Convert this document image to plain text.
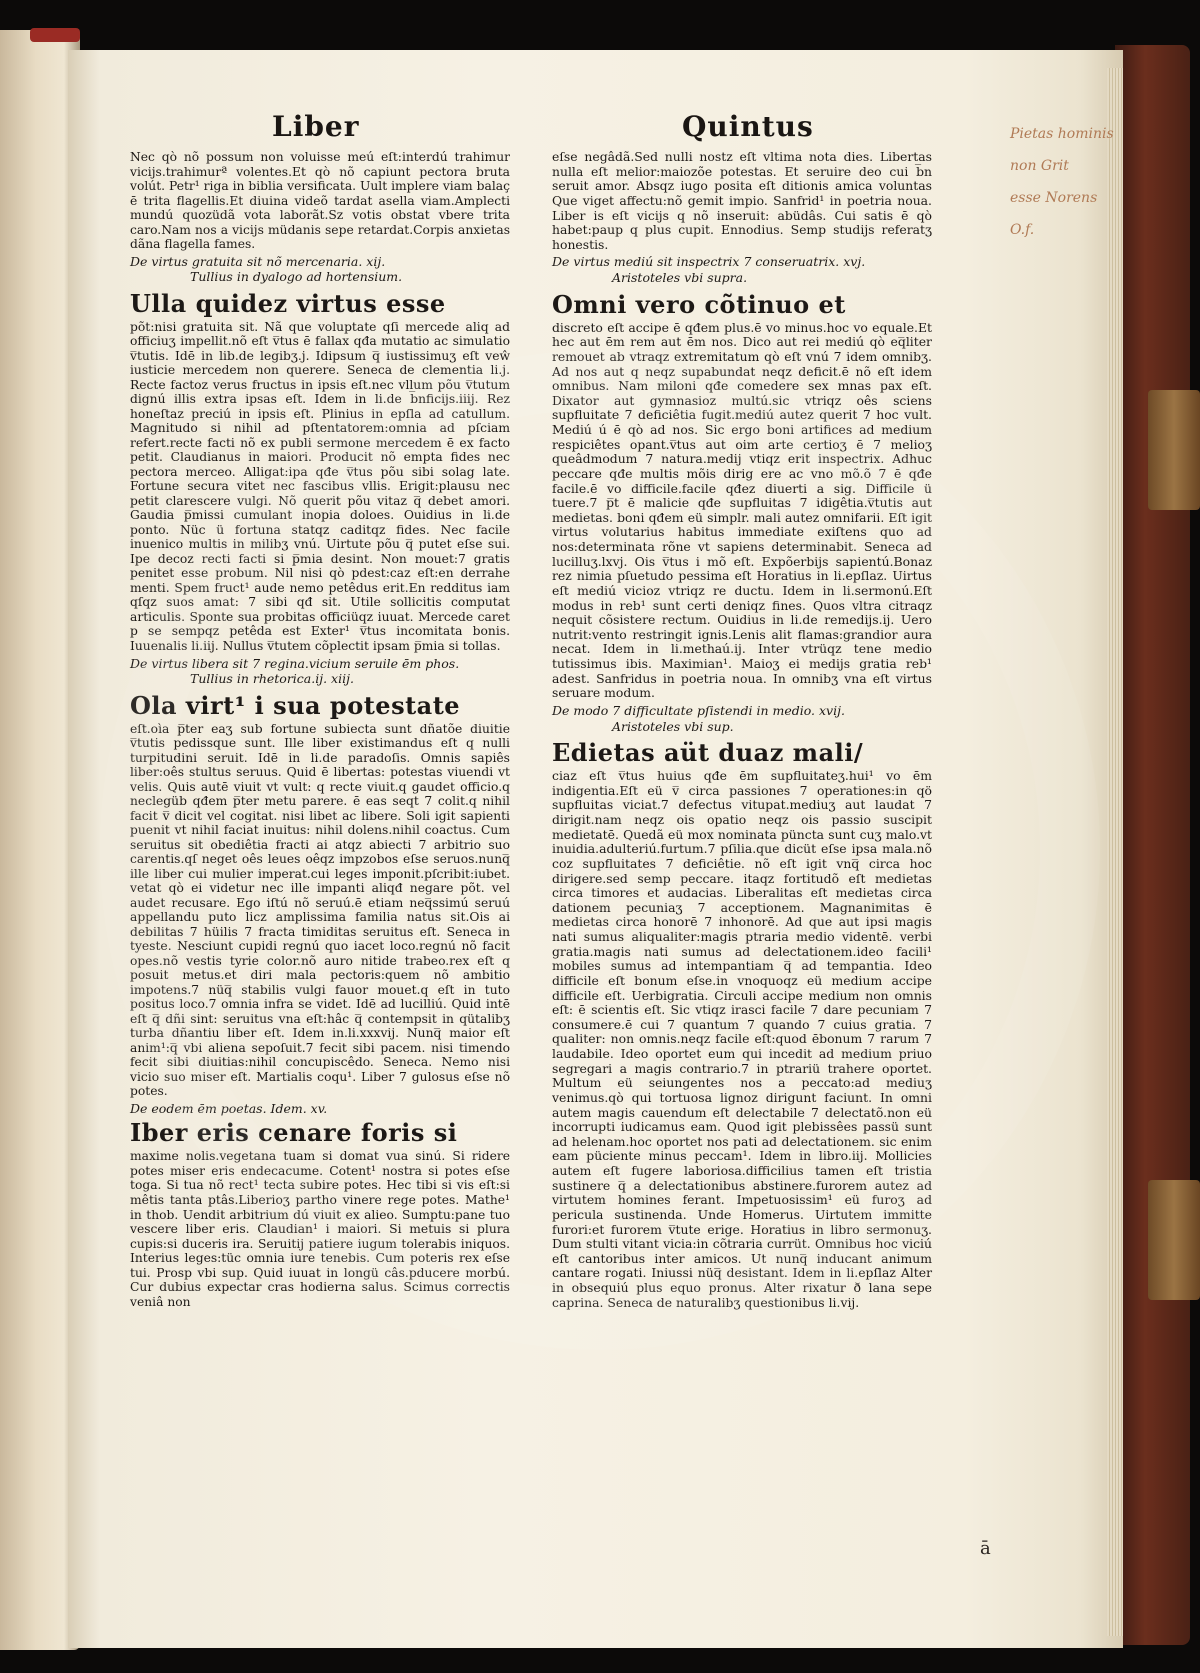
Liber	Quintus

Nec qò nõ possum non voluisse meú eſt:interdú trahimur vicijs.trahimurª volentes.Et qò nõ capiunt pectora bruta volút. Petr¹ riga in biblia versificata. Uult implere viam balaç ē trita flagellis.Et diuina videõ tardat asella viam.Amplecti mundú quozüdã vota laborãt.Sz votis obstat vbere trita caro.Nam nos a vicijs müdanis sepe retardat.Corpis anxietas dãna flagella fames.

De virtus gratuita sit nõ mercenaria. xij.
Tullius in dyalogo ad hortensium.
Ulla quidez virtus esse

põt:nisi gratuita sit. Nã que voluptate qſi mercede aliq ad officiuʒ impellit.nõ eſt v̅tus ē fallax qđa mutatio ac simulatio v̅tutis. Idē in lib.de legibʒ.j. Idipsum q̅ iustissimuʒ eſt veŵ iusticie mercedem non querere. Seneca de clementia li.j. Recte factoz verus fructus in ipsis eſt.nec vllum põu v̅tutum dignú illis extra ipsas eſt. Idem in li.de b̅nficijs.iiij. Rez honeſtaz preciú in ipsis eſt. Plinius in epſla ad catullum. Magnitudo si nihil ad pſtentatorem:omnia ad pſciam refert.recte facti nõ ex publi sermone mercedem ē ex facto petit. Claudianus in maiori. Producit nõ empta fides nec pectora merceo. Alligat:ipa qđe v̅tus põu sibi solag late. Fortune secura vitet nec fascibus vllis. Erigit:plausu nec petit clarescere vulgi. Nõ querit põu vitaz q̅ debet amori. Gaudia p̅missi cumulant inopia doloes. Ouidius in li.de ponto. Nüc ü fortuna statqz caditqz fides. Nec facile inuenico multis in milibʒ vnú. Uirtute põu q̅ putet eſse sui. Ipe decoz recti facti si p̅mia desint. Non mouet:7 gratis penitet esse probum. Nil nisi qò pdest:caz eſt:en derrahe menti. Spem fruct¹ aude nemo petêdus erit.En redditus iam qſqz suos amat: 7 sibi qđ sit. Utile sollicitis computat articulis. Sponte sua probitas officiüqz iuuat. Mercede caret p se sempqz petêda est Exter¹ v̅tus incomitata bonis. Iuuenalis li.iij. Nullus v̅tutem cõplectit ipsam p̅mia si tollas.

De virtus libera sit 7 regina.vicium seruile ēm phos.
Tullius in rhetorica.ij. xiij.
Ola virt¹ i sua potestate

eſt.oìa p̅ter eaʒ sub fortune subiecta sunt dñatõe diuitie v̅tutis pedissque sunt. Ille liber existimandus eſt q nulli turpitudini seruit. Idē in li.de paradoſis. Omnis sapiês liber:oês stultus seruus. Quid ē libertas: potestas viuendi vt velis. Quis autē viuit vt vult: q recte viuit.q gaudet officio.q neclegüb qđem p̅ter metu parere. ē eas seqt 7 colit.q nihil facit v̅ dicit vel cogitat. nisi libet ac libere. Soli igit sapienti puenit vt nihil faciat inuitus: nihil dolens.nihil coactus. Cum seruitus sit obediêtia fracti ai atqz abiecti 7 arbitrio suo carentis.qſ neget oês leues oêqz impzobos eſse seruos.nunq̅ ille liber cui mulier imperat.cui leges imponit.pſcribit:iubet. vetat qò ei videtur nec ille impanti aliqđ negare põt. vel audet recusare. Ego iſtú nõ seruú.ē etiam neq̅ssimú seruú appellandu puto licz amplissima familia natus sit.Ois ai debilitas 7 hüilis 7 fracta timiditas seruitus eſt. Seneca in tyeste. Nesciunt cupidi regnú quo iacet loco.regnú nõ facit opes.nõ vestis tyrie color.nõ auro nitide trabeo.rex eſt q posuit metus.et diri mala pectoris:quem nõ ambitio impotens.7 nüq̅ stabilis vulgi fauor mouet.q eſt in tuto positus loco.7 omnia infra se videt. Idē ad lucilliú. Quid intē eſt q̅ dñi sint: seruitus vna eſt:hâc q̅ contempsit in qütalibʒ turba dñantiu liber eſt. Idem in.li.xxxvij. Nunq̅ maior eſt anim¹:q̅ vbi aliena sepoſuit.7 fecit sibi pacem. nisi timendo fecit sibi diuitias:nihil concupiscêdo. Seneca. Nemo nisi vicio suo miser eſt. Martialis coqu¹. Liber 7 gulosus eſse nõ potes.

De eodem ēm poetas. Idem. xv.
Iber eris cenare foris si

maxime nolis.vegetana tuam si domat vua sinú. Si ridere potes miser eris endecacume. Cotent¹ nostra si potes eſse toga. Si tua nõ rect¹ tecta subire potes. Hec tibi si vis eſt:si mêtis tanta ptâs.Liberioʒ partho vinere rege potes. Mathe¹ in thob. Uendit arbitrium dú viuit ex alieo. Sumptu:pane tuo vescere liber eris. Claudian¹ i maiori. Si metuis si plura cupis:si duceris ira. Seruitij patiere iugum tolerabis iniquos. Interius leges:tüc omnia iure tenebis. Cum poteris rex eſse tui. Prosp vbi sup. Quid iuuat in longü câs.pducere morbú. Cur dubius expectar cras hodierna salus. Scimus correctis veniâ non

eſse negâdã.Sed nulli nostz eſt vltima nota dies. Libertas nulla eſt melior:maiozõe potestas. Et seruire deo cui b̅n seruit amor. Absqz iugo posita eſt ditionis amica voluntas Que viget affectu:nõ gemit impio. Sanfrid¹ in poetria noua. Liber is eſt vicijs q nõ inseruit: abüdâs. Cui satis ē qò habet:paup q plus cupit. Ennodius. Semp studijs referatʒ honestis.

De virtus mediú sit inspectrix 7 conseruatrix. xvj.
Aristoteles vbi supra.
Omni vero cõtinuo et

discreto eſt accipe ē qđem plus.ē vo minus.hoc vo equale.Et hec aut ēm rem aut ēm nos. Dico aut rei mediú qò eq̅liter remouet ab vtraqz extremitatum qò eſt vnú 7 idem omnibʒ. Ad nos aut q neqz supabundat neqz deficit.ē nõ eſt idem omnibus. Nam miloni qđe comedere sex mnas pax eſt. Dixator aut gymnasioz multú.sic vtriqz oês sciens supfluitate 7 deficiêtia fugit.mediú autez querit 7 hoc vult. Mediú ú ē qò ad nos. Sic ergo boni artifices ad medium respiciêtes opant.v̅tus aut oim arte certioʒ ē 7 melioʒ queâdmodum 7 natura.medij vtiqz erit inspectrix. Adhuc peccare qđe multis mõis dirig ere ac vno mõ.õ 7 ē qđe facile.ē vo difficile.facile qđez diuerti a sig. Difficile ü tuere.7 p̅t ē malicie qđe supfluitas 7 idigêtia.v̅tutis aut medietas. boni qđem eü simplr. mali autez omnifarii. Eſt igit virtus volutarius habitus immediate exiſtens quo ad nos:determinata rõne vt sapiens determinabit. Seneca ad lucilluʒ.lxvj. Ois v̅tus i mõ eſt. Expõerbijs sapientú.Bonaz rez nimia pſuetudo pessima eſt Horatius in li.epſlaz. Uirtus eſt mediú vicioz vtriqz re ductu. Idem in li.sermonú.Eſt modus in reb¹ sunt certi deniqz fines. Quos vltra citraqz nequit cõsistere rectum. Ouidius in li.de remedijs.ij. Uero nutrit:vento restringit ignis.Lenis alit flamas:grandior aura necat. Idem in li.methaú.ij. Inter vtrüqz tene medio tutissimus ibis. Maximian¹. Maioʒ ei medijs gratia reb¹ adest. Sanfridus in poetria noua. In omnibʒ vna eſt virtus seruare modum.

De modo 7 difficultate pſistendi in medio. xvij.
Aristoteles vbi sup.
Edietas aüt duaz mali/

ciaz eſt v̅tus huius qđe ēm supfluitateʒ.hui¹ vo ēm indigentia.Eſt eü v̅ circa passiones 7 operationes:in qö supfluitas viciat.7 defectus vitupat.mediuʒ aut laudat 7 dirigit.nam neqz ois opatio neqz ois passio suscipit medietatē. Quedã eü mox nominata püncta sunt cuʒ malo.vt inuidia.adulteriú.furtum.7 pſilia.que dicüt eſse ipsa mala.nõ coz supfluitates 7 deficiêtie. nõ eſt igit vnq̅ circa hoc dirigere.sed semp peccare. itaqz fortitudõ eſt medietas circa timores et audacias. Liberalitas eſt medietas circa dationem pecuniaʒ 7 acceptionem. Magnanimitas ē medietas circa honorē 7 inhonorē. Ad que aut ipsi magis nati sumus aliqualiter:magis ptraria medio videntē. verbi gratia.magis nati sumus ad delectationem.ideo facili¹ mobiles sumus ad intempantiam q̅ ad tempantia. Ideo difficile eſt bonum eſse.in vnoquoqz eü medium accipe difficile eſt. Uerbigratia. Circuli accipe medium non omnis eſt: ē scientis eſt. Sic vtiqz irasci facile 7 dare pecuniam 7 consumere.ē cui 7 quantum 7 quando 7 cuius gratia. 7 qualiter: non omnis.neqz facile eſt:quod ēbonum 7 rarum 7 laudabile. Ideo oportet eum qui incedit ad medium priuo segregari a magis contrario.7 in ptrariü trahere oportet. Multum eü seiungentes nos a peccato:ad mediuʒ venimus.qò qui tortuosa lignoz dirigunt faciunt. In omni autem magis cauendum eſt delectabile 7 delectatõ.non eü incorrupti iudicamus eam. Quod igit plebissêes passü sunt ad helenam.hoc oportet nos pati ad delectationem. sic enim eam püciente minus peccam¹. Idem in libro.iij. Mollicies autem eſt fugere laboriosa.difficilius tamen eſt tristia sustinere q̅ a delectationibus abstinere.furorem autez ad virtutem homines ferant. Impetuosissim¹ eü furoʒ ad pericula sustinenda. Unde Homerus. Uirtutem immitte furori:et furorem v̅tute erige. Horatius in libro sermonuʒ. Dum stulti vitant vicia:in cõtraria currüt. Omnibus hoc viciú eſt cantoribus inter amicos. Ut nunq̅ inducant animum cantare rogati. Iniussi nüq̅ desistant. Idem in li.epſlaz Alter in obsequiú plus equo pronus. Alter rixatur ð lana sepe caprina. Seneca de naturalibʒ questionibus li.vij.

Pietas hominis non Grit
esse Norens
O.f.
ā
